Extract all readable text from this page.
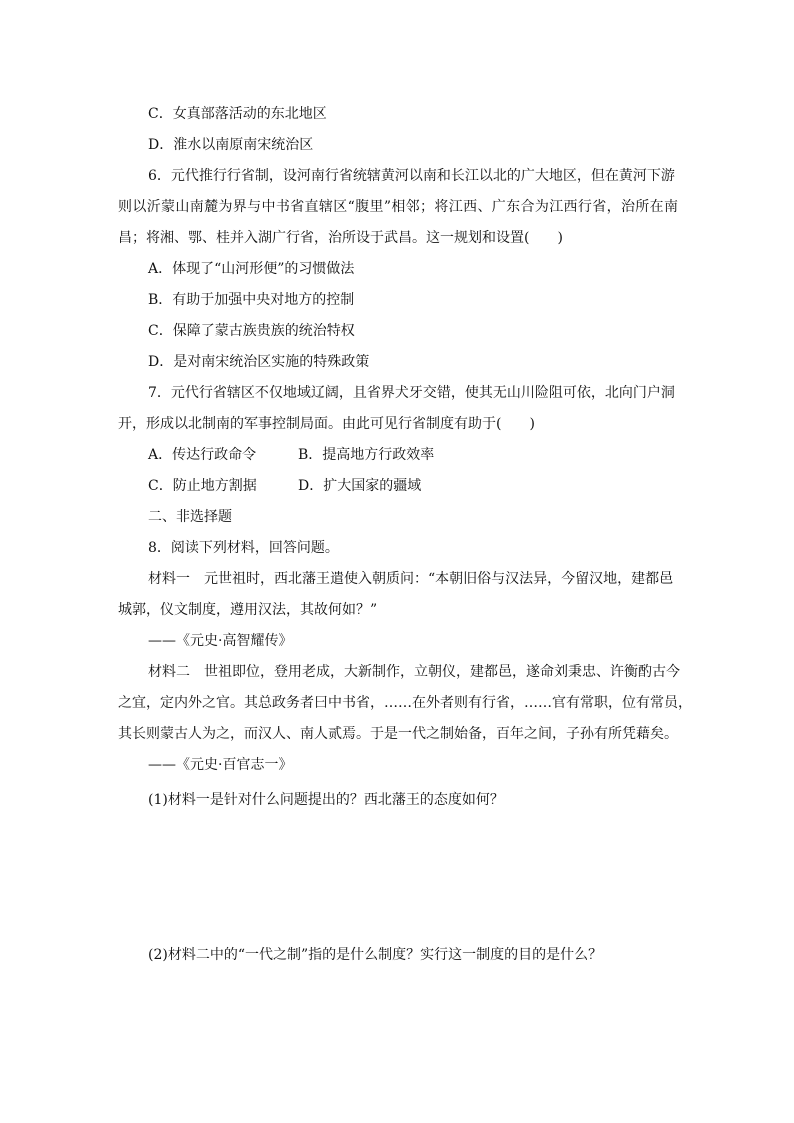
C．女真部落活动的东北地区
D．淮水以南原南宋统治区
6．元代推行行省制，设河南行省统辖黄河以南和长江以北的广大地区，但在黄河下游
则以沂蒙山南麓为界与中书省直辖区“腹里”相邻；将江西、广东合为江西行省，治所在南
昌；将湘、鄂、桂并入湖广行省，治所设于武昌。这一规划和设置(　　)
A．体现了“山河形便”的习惯做法
B．有助于加强中央对地方的控制
C．保障了蒙古族贵族的统治特权
D．是对南宋统治区实施的特殊政策
7．元代行省辖区不仅地域辽阔，且省界犬牙交错，使其无山川险阻可依，北向门户洞
开，形成以北制南的军事控制局面。由此可见行省制度有助于(　　)
A．传达行政命令	B．提高地方行政效率
C．防止地方割据	D．扩大国家的疆域
二、非选择题
8．阅读下列材料，回答问题。
材料一　元世祖时，西北藩王遣使入朝质问：“本朝旧俗与汉法异，今留汉地，建都邑
城郭，仪文制度，遵用汉法，其故何如？”
——《元史·高智耀传》
材料二　世祖即位，登用老成，大新制作，立朝仪，建都邑，遂命刘秉忠、许衡酌古今
之宜，定内外之官。其总政务者曰中书省，……在外者则有行省，……官有常职，位有常员，
其长则蒙古人为之，而汉人、南人贰焉。于是一代之制始备，百年之间，子孙有所凭藉矣。
——《元史·百官志一》
(1)材料一是针对什么问题提出的？西北藩王的态度如何？
(2)材料二中的“一代之制”指的是什么制度？实行这一制度的目的是什么？
